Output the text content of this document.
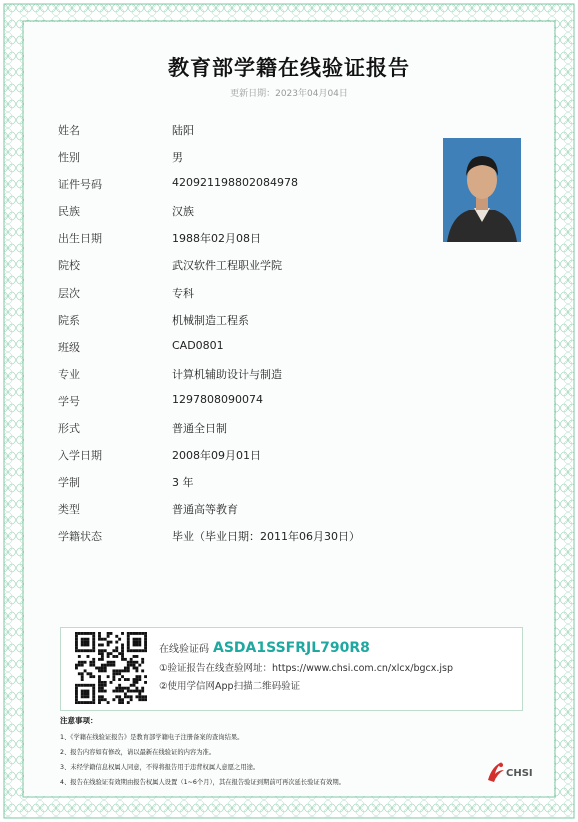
教育部学籍在线验证报告
更新日期：2023年04月04日
姓名	陆阳
性别	男
证件号码	420921198802084978
民族	汉族
出生日期	1988年02月08日
院校	武汉软件工程职业学院
层次	专科
院系	机械制造工程系
班级	CAD0801
专业	计算机辅助设计与制造
学号	1297808090074
形式	普通全日制
入学日期	2008年09月01日
学制	3 年
类型	普通高等教育
学籍状态	毕业（毕业日期：2011年06月30日）
在线验证码 ASDA1SSFRJL790R8
①验证报告在线查验网址：https://www.chsi.com.cn/xlcx/bgcx.jsp
②使用学信网App扫描二维码验证
注意事项：
1、《学籍在线验证报告》是教育部学籍电子注册备案的查询结果。
2、报告内容如有修改，请以最新在线验证的内容为准。
3、未经学籍信息权属人同意，不得将报告用于违背权属人意愿之用途。
4、报告在线验证有效期由报告权属人设置（1~6个月），其在报告验证到期前可再次延长验证有效期。
CHSI
